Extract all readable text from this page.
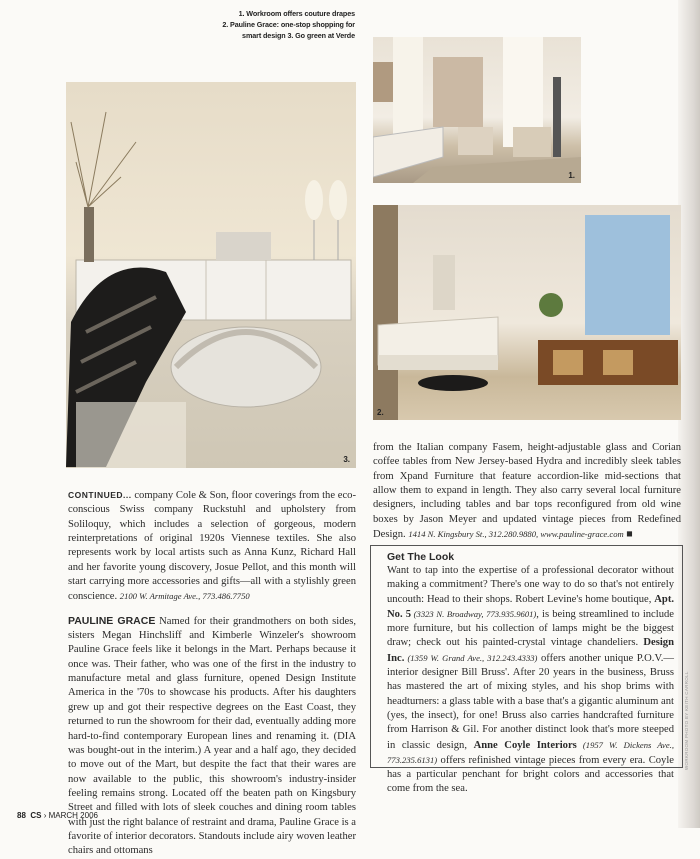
1. Workroom offers couture drapes
2. Pauline Grace: one-stop shopping for
smart design 3. Go green at Verde
3.
1.
2.

CONTINUED... company Cole & Son, floor coverings from the eco-conscious Swiss company Ruckstuhl and upholstery from Soliloquy, which includes a selection of gorgeous, modern reinterpretations of original 1920s Viennese textiles. She also represents work by local artists such as Anna Kunz, Richard Hall and her favorite young discovery, Josue Pellot, and this month will start carrying more accessories and gifts—all with a stylishly green conscience. 2100 W. Armitage Ave., 773.486.7750

PAULINE GRACE Named for their grandmothers on both sides, sisters Megan Hinchsliff and Kimberle Winzeler's showroom Pauline Grace feels like it belongs in the Mart. Perhaps because it once was. Their father, who was one of the first in the industry to manufacture metal and glass furniture, opened Design Institute America in the '70s to showcase his products. After his daughters grew up and got their respective degrees on the East Coast, they returned to run the showroom for their dad, eventually adding more hard-to-find contemporary European lines and renaming it. (DIA was bought-out in the interim.) A year and a half ago, they decided to move out of the Mart, but despite the fact that their wares are now available to the public, this showroom's industry-insider feeling remains strong. Located off the beaten path on Kingsbury Street and filled with lots of sleek couches and dining room tables with just the right balance of restraint and drama, Pauline Grace is a favorite of interior decorators. Standouts include airy woven leather chairs and ottomans

from the Italian company Fasem, height-adjustable glass and Corian coffee tables from New Jersey-based Hydra and incredibly sleek tables from Xpand Furniture that feature accordion-like mid-sections that allow them to expand in length. They also carry several local furniture designers, including tables and bar tops reconfigured from old wine boxes by Jason Meyer and updated vintage pieces from Redefined Design. 1414 N. Kingsbury St., 312.280.9880, www.pauline-grace.com ■

Get The Look
Want to tap into the expertise of a professional decorator without making a commitment? There's one way to do so that's not entirely uncouth: Head to their shops. Robert Levine's home boutique, Apt. No. 5 (3323 N. Broadway, 773.935.9601), is being streamlined to include more furniture, but his collection of lamps might be the biggest draw; check out his painted-crystal vintage chandeliers. Design Inc. (1359 W. Grand Ave., 312.243.4333) offers another unique P.O.V.—interior designer Bill Bruss'. After 20 years in the business, Bruss has mastered the art of mixing styles, and his shop brims with headturners: a glass table with a base that's a gigantic aluminum ant (yes, the insect), for one! Bruss also carries handcrafted furniture from Harrison & Gil. For another distinct look that's more steeped in classic design, Anne Coyle Interiors (1957 W. Dickens Ave., 773.235.6131) offers refinished vintage pieces from every era. Coyle has a particular penchant for bright colors and accessories that come from the sea.
WORKROOM PHOTO BY KEITH CARROLL
88 CS › MARCH 2006
